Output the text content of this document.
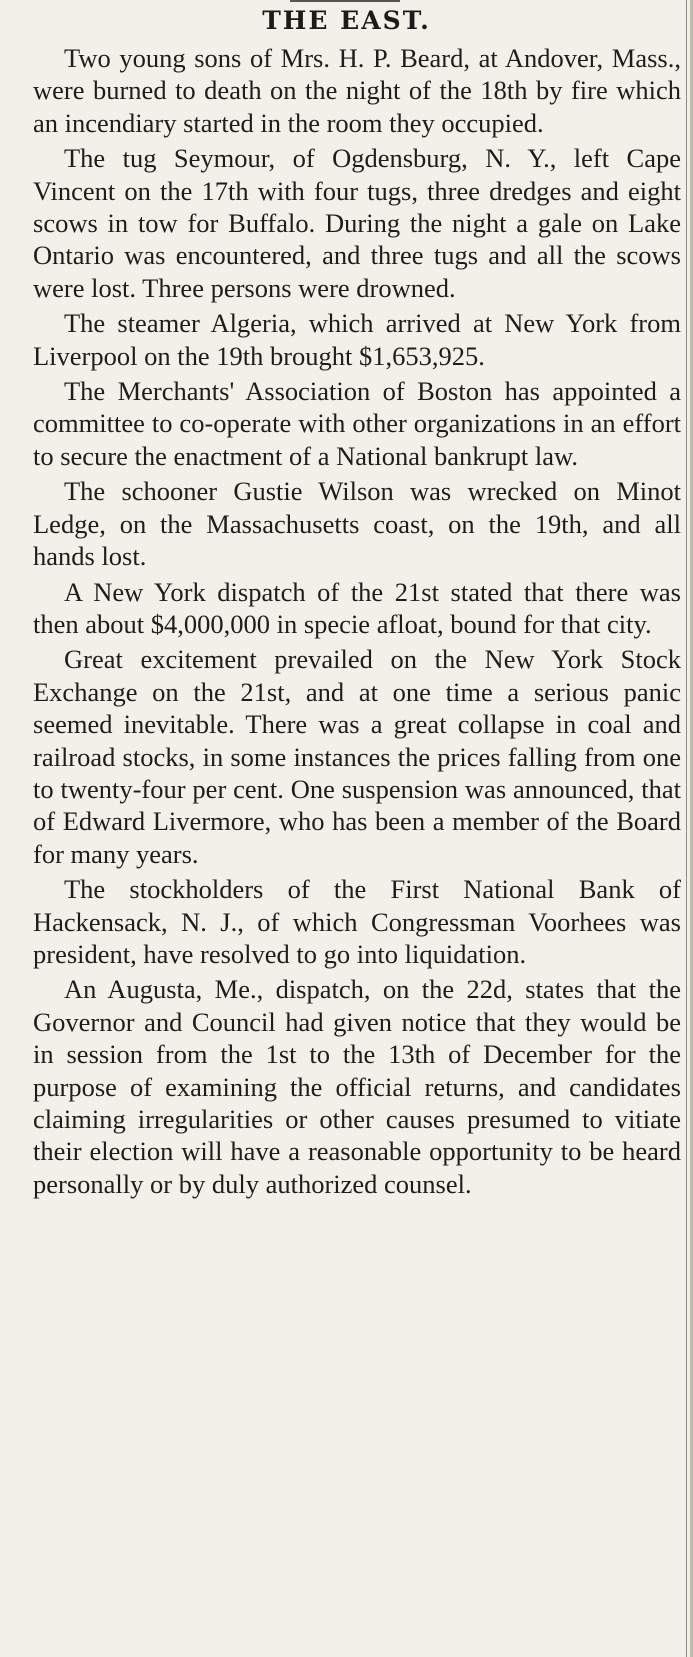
THE EAST.

Two young sons of Mrs. H. P. Beard, at Andover, Mass., were burned to death on the night of the 18th by fire which an incendiary started in the room they occupied.

The tug Seymour, of Ogdensburg, N. Y., left Cape Vincent on the 17th with four tugs, three dredges and eight scows in tow for Buffalo. During the night a gale on Lake Ontario was encountered, and three tugs and all the scows were lost. Three persons were drowned.

The steamer Algeria, which arrived at New York from Liverpool on the 19th brought $1,653,925.

The Merchants' Association of Boston has appointed a committee to co-operate with other organizations in an effort to secure the enactment of a National bankrupt law.

The schooner Gustie Wilson was wrecked on Minot Ledge, on the Massachusetts coast, on the 19th, and all hands lost.

A New York dispatch of the 21st stated that there was then about $4,000,000 in specie afloat, bound for that city.

Great excitement prevailed on the New York Stock Exchange on the 21st, and at one time a serious panic seemed inevitable. There was a great collapse in coal and railroad stocks, in some instances the prices falling from one to twenty-four per cent. One suspension was announced, that of Edward Livermore, who has been a member of the Board for many years.

The stockholders of the First National Bank of Hackensack, N. J., of which Congressman Voorhees was president, have resolved to go into liquidation.

An Augusta, Me., dispatch, on the 22d, states that the Governor and Council had given notice that they would be in session from the 1st to the 13th of December for the purpose of examining the official returns, and candidates claiming irregularities or other causes presumed to vitiate their election will have a reasonable opportunity to be heard personally or by duly authorized counsel.
